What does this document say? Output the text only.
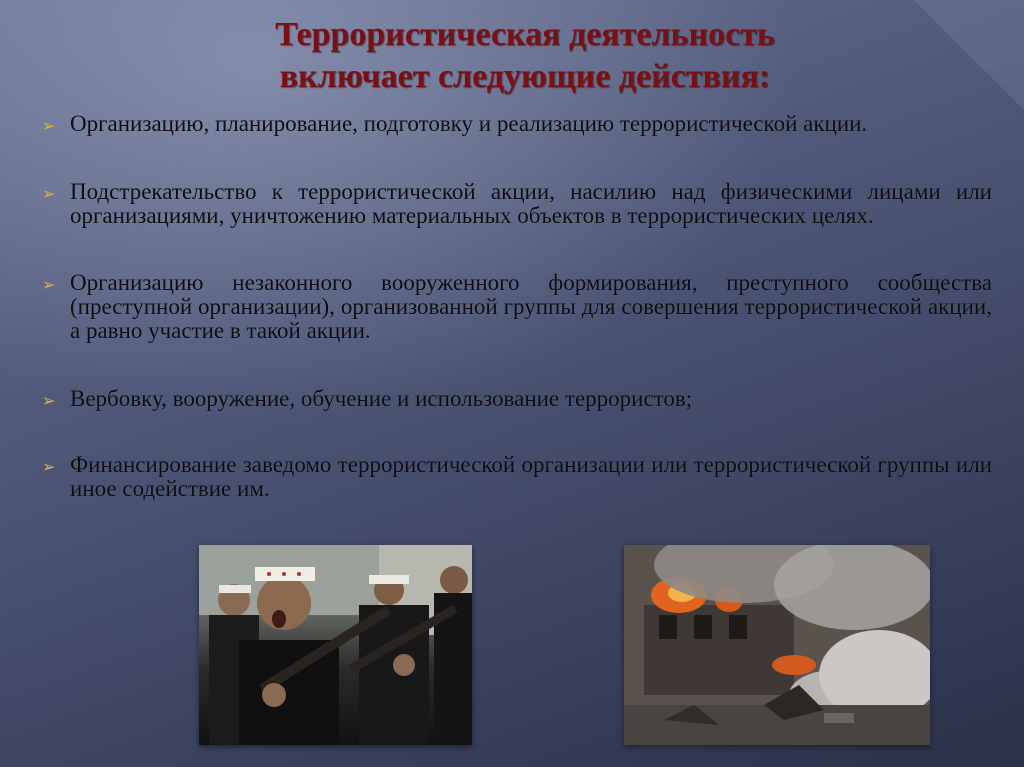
Террористическая деятельность
включает следующие действия:
➢ Организацию, планирование, подготовку и реализацию террористической акции.
➢ Подстрекательство к террористической акции, насилию над физическими лицами или организациями, уничтожению материальных объектов в террористических целях.
➢ Организацию незаконного вооруженного формирования, преступного сообщества (преступной организации), организованной группы для совершения террористической акции, а равно участие в такой акции.
➢ Вербовку, вооружение, обучение и использование террористов;
➢ Финансирование заведомо террористической организации или террористической группы или иное содействие им.
